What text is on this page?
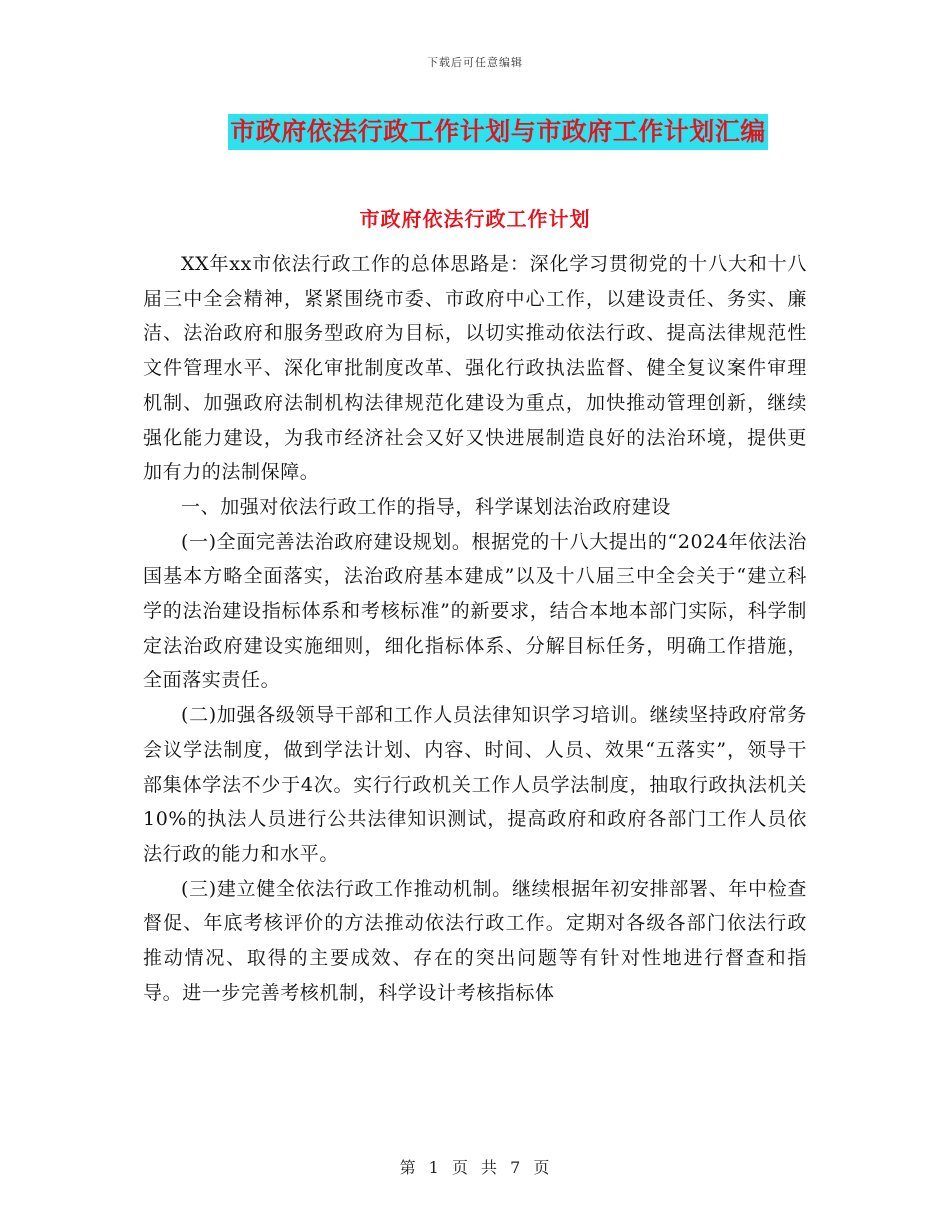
下载后可任意编辑
市政府依法行政工作计划与市政府工作计划汇编
市政府依法行政工作计划

XX年xx市依法行政工作的总体思路是：深化学习贯彻党的十八大和十八届三中全会精神，紧紧围绕市委、市政府中心工作，以建设责任、务实、廉洁、法治政府和服务型政府为目标，以切实推动依法行政、提高法律规范性文件管理水平、深化审批制度改革、强化行政执法监督、健全复议案件审理机制、加强政府法制机构法律规范化建设为重点，加快推动管理创新，继续强化能力建设，为我市经济社会又好又快进展制造良好的法治环境，提供更加有力的法制保障。

一、加强对依法行政工作的指导，科学谋划法治政府建设

(一)全面完善法治政府建设规划。根据党的十八大提出的“2024年依法治国基本方略全面落实，法治政府基本建成”以及十八届三中全会关于“建立科学的法治建设指标体系和考核标准”的新要求，结合本地本部门实际，科学制定法治政府建设实施细则，细化指标体系、分解目标任务，明确工作措施，全面落实责任。

(二)加强各级领导干部和工作人员法律知识学习培训。继续坚持政府常务会议学法制度，做到学法计划、内容、时间、人员、效果“五落实”，领导干部集体学法不少于4次。实行行政机关工作人员学法制度，抽取行政执法机关10%的执法人员进行公共法律知识测试，提高政府和政府各部门工作人员依法行政的能力和水平。

(三)建立健全依法行政工作推动机制。继续根据年初安排部署、年中检查督促、年底考核评价的方法推动依法行政工作。定期对各级各部门依法行政推动情况、取得的主要成效、存在的突出问题等有针对性地进行督查和指导。进一步完善考核机制，科学设计考核指标体

第 1 页 共 7 页
